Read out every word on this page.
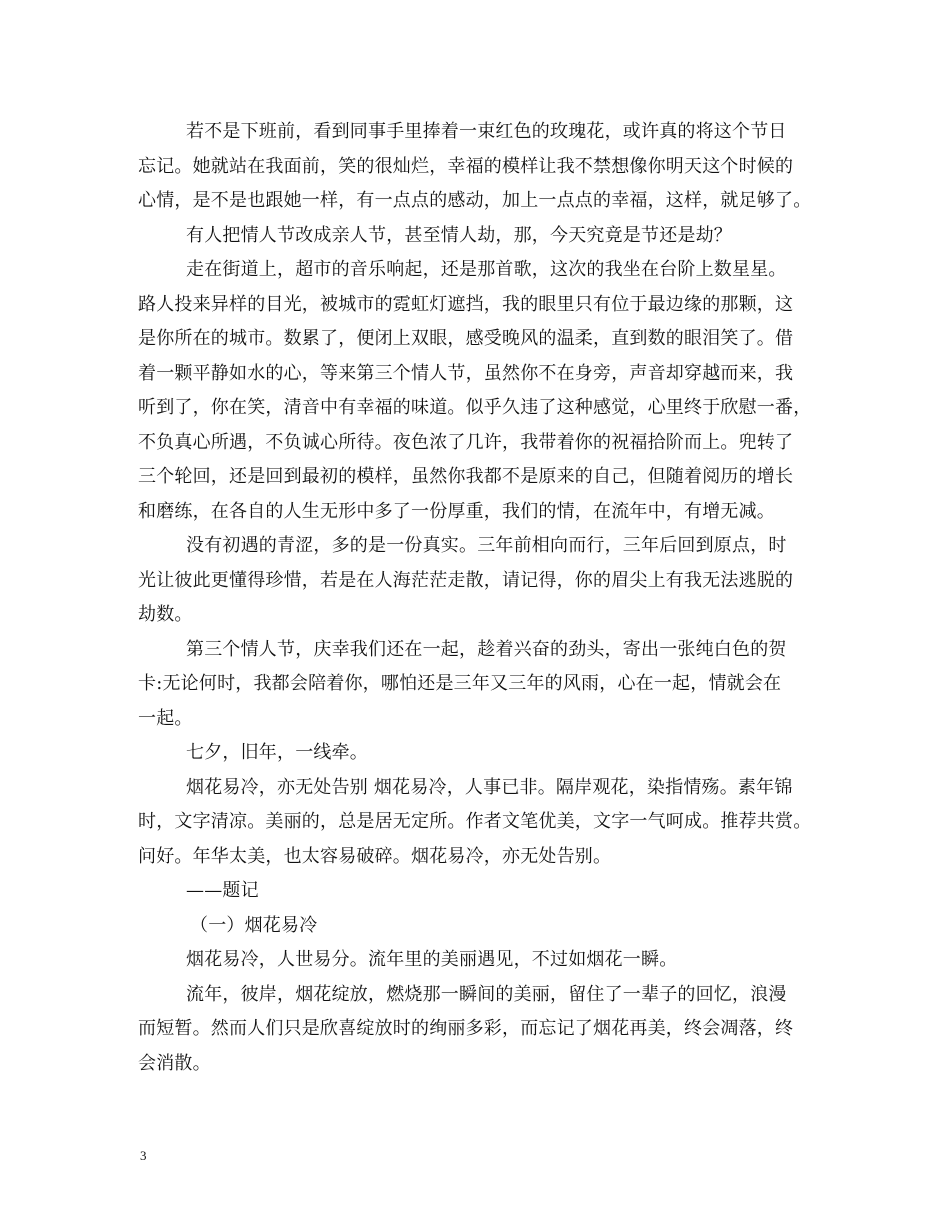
若不是下班前，看到同事手里捧着一束红色的玫瑰花，或许真的将这个节日
忘记。她就站在我面前，笑的很灿烂，幸福的模样让我不禁想像你明天这个时候的
心情，是不是也跟她一样，有一点点的感动，加上一点点的幸福，这样，就足够了。
有人把情人节改成亲人节，甚至情人劫，那，今天究竟是节还是劫？
走在街道上，超市的音乐响起，还是那首歌，这次的我坐在台阶上数星星。
路人投来异样的目光，被城市的霓虹灯遮挡，我的眼里只有位于最边缘的那颗，这
是你所在的城市。数累了，便闭上双眼，感受晚风的温柔，直到数的眼泪笑了。借
着一颗平静如水的心，等来第三个情人节，虽然你不在身旁，声音却穿越而来，我
听到了，你在笑，清音中有幸福的味道。似乎久违了这种感觉，心里终于欣慰一番，
不负真心所遇，不负诚心所待。夜色浓了几许，我带着你的祝福拾阶而上。兜转了
三个轮回，还是回到最初的模样，虽然你我都不是原来的自己，但随着阅历的增长
和磨练，在各自的人生无形中多了一份厚重，我们的情，在流年中，有增无减。
没有初遇的青涩，多的是一份真实。三年前相向而行，三年后回到原点，时
光让彼此更懂得珍惜，若是在人海茫茫走散，请记得，你的眉尖上有我无法逃脱的
劫数。
第三个情人节，庆幸我们还在一起，趁着兴奋的劲头，寄出一张纯白色的贺
卡:无论何时，我都会陪着你，哪怕还是三年又三年的风雨，心在一起，情就会在
一起。
七夕，旧年，一线牵。
烟花易冷，亦无处告别 烟花易冷，人事已非。隔岸观花，染指情殇。素年锦
时，文字清凉。美丽的，总是居无定所。作者文笔优美，文字一气呵成。推荐共赏。
问好。年华太美，也太容易破碎。烟花易冷，亦无处告别。
——题记
（一）烟花易冷
烟花易冷，人世易分。流年里的美丽遇见，不过如烟花一瞬。
流年，彼岸，烟花绽放，燃烧那一瞬间的美丽，留住了一辈子的回忆，浪漫
而短暂。然而人们只是欣喜绽放时的绚丽多彩，而忘记了烟花再美，终会凋落，终
会消散。
3
